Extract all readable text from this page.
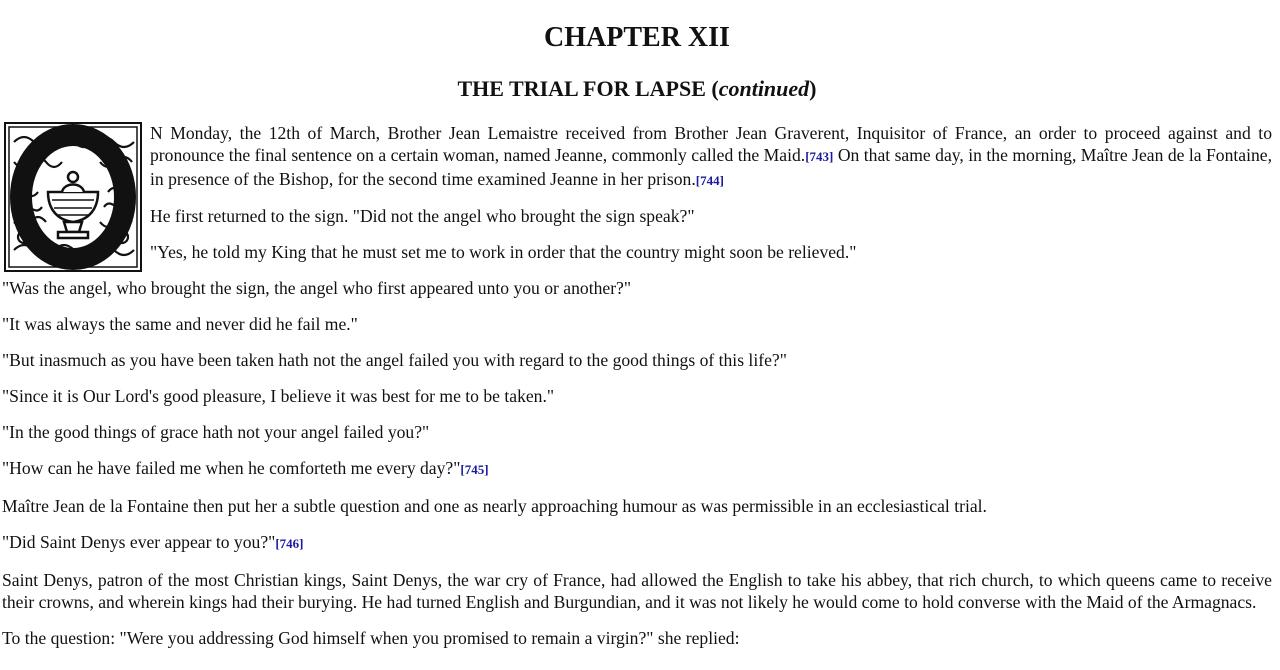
CHAPTER XII
THE TRIAL FOR LAPSE (continued)

N Monday, the 12th of March, Brother Jean Lemaistre received from Brother Jean Graverent, Inquisitor of France, an order to proceed against and to pronounce the final sentence on a certain woman, named Jeanne, commonly called the Maid.[743] On that same day, in the morning, Maître Jean de la Fontaine, in presence of the Bishop, for the second time examined Jeanne in her prison.[744]

He first returned to the sign. "Did not the angel who brought the sign speak?"

"Yes, he told my King that he must set me to work in order that the country might soon be relieved."

"Was the angel, who brought the sign, the angel who first appeared unto you or another?"

"It was always the same and never did he fail me."

"But inasmuch as you have been taken hath not the angel failed you with regard to the good things of this life?"

"Since it is Our Lord's good pleasure, I believe it was best for me to be taken."

"In the good things of grace hath not your angel failed you?"

"How can he have failed me when he comforteth me every day?"[745]

Maître Jean de la Fontaine then put her a subtle question and one as nearly approaching humour as was permissible in an ecclesiastical trial.

"Did Saint Denys ever appear to you?"[746]

Saint Denys, patron of the most Christian kings, Saint Denys, the war cry of France, had allowed the English to take his abbey, that rich church, to which queens came to receive their crowns, and wherein kings had their burying. He had turned English and Burgundian, and it was not likely he would come to hold converse with the Maid of the Armagnacs.

To the question: "Were you addressing God himself when you promised to remain a virgin?" she replied:
